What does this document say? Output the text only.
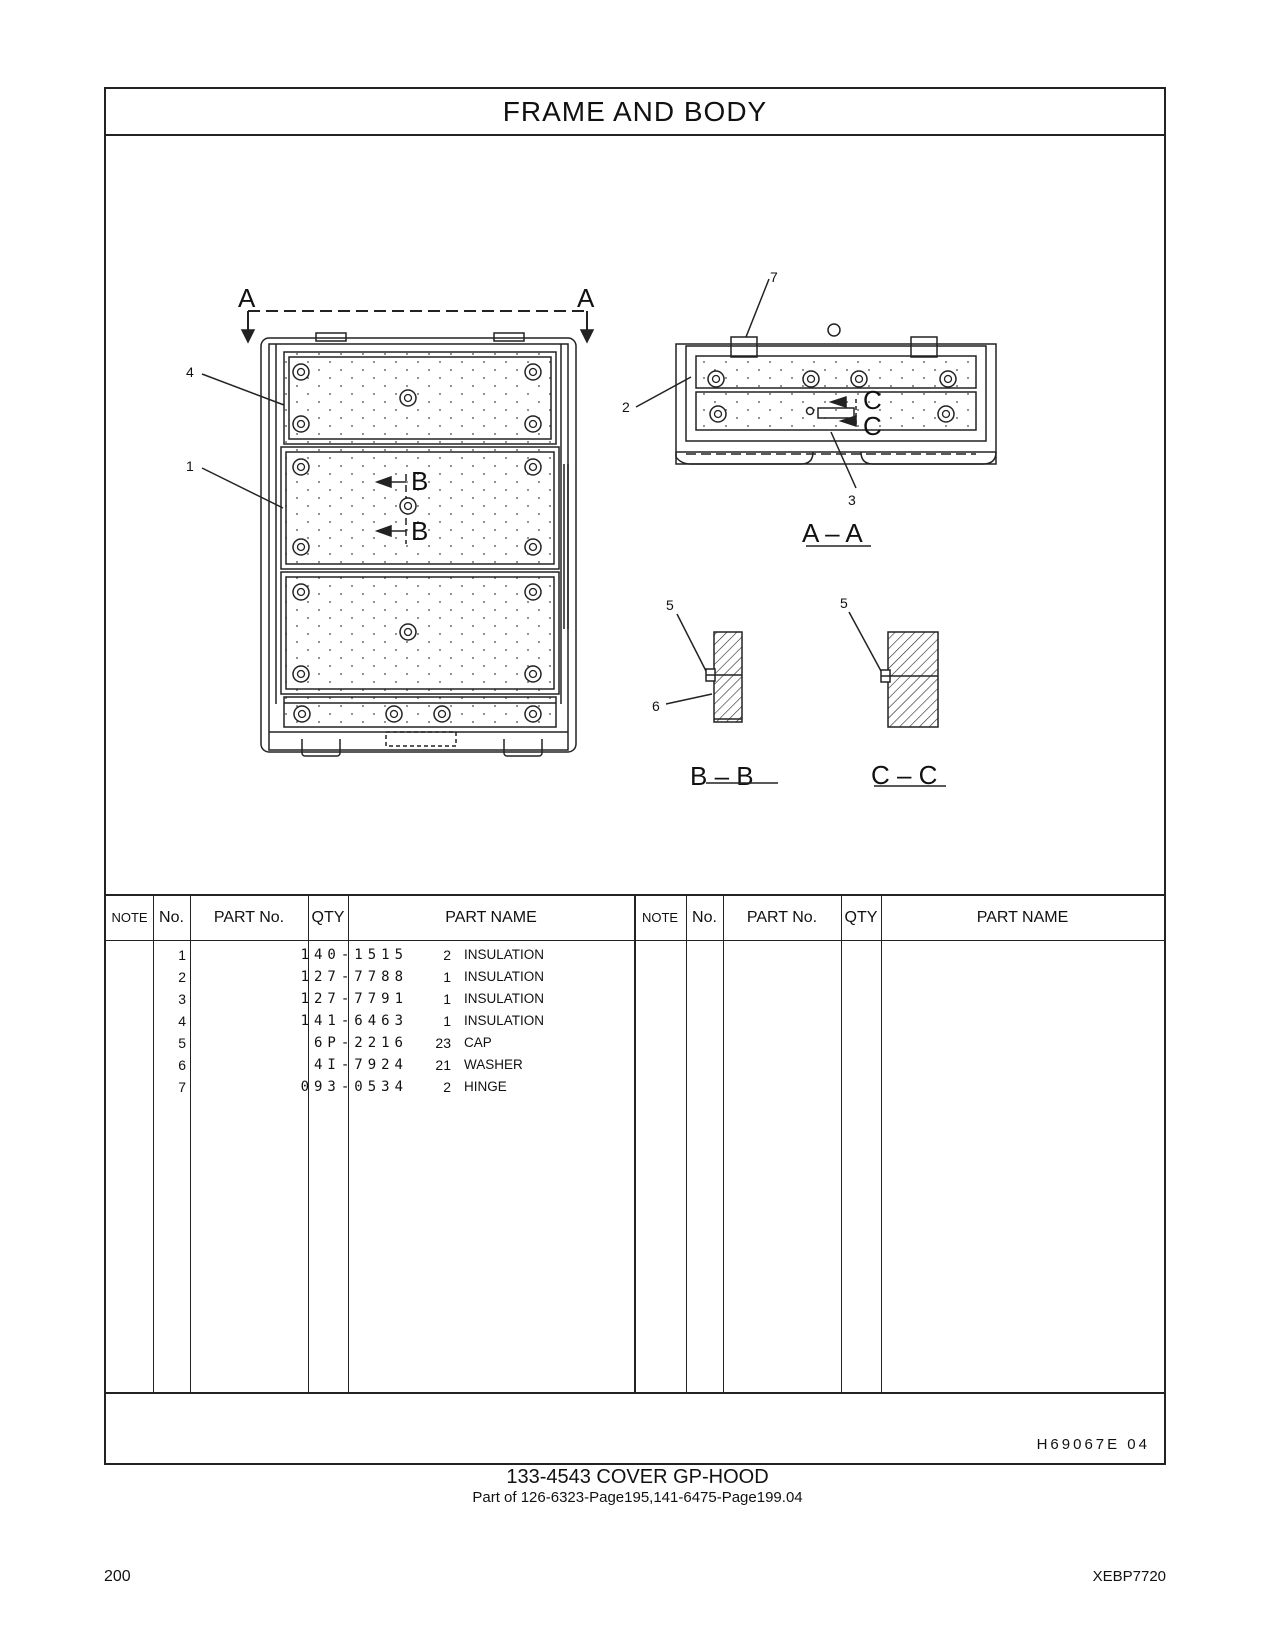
FRAME AND BODY
A	A
B
B
4
1
C
C
A – A
B – B	C – C
2
7
3
5	5
6
NOTE No.	PART No.	QTY	PART NAME	NOTE No.	PART No.	QTY	PART NAME
1	140-1515	2 INSULATION
2	127-7788	1 INSULATION
3	127-7791	1 INSULATION
4	141-6463	1 INSULATION
5	6P-2216	23 CAP
6	4I-7924	21 WASHER
7	093-0534	2 HINGE
H69067E 04
133-4543 COVER GP-HOOD
Part of 126-6323-Page195,141-6475-Page199.04
200	XEBP7720
